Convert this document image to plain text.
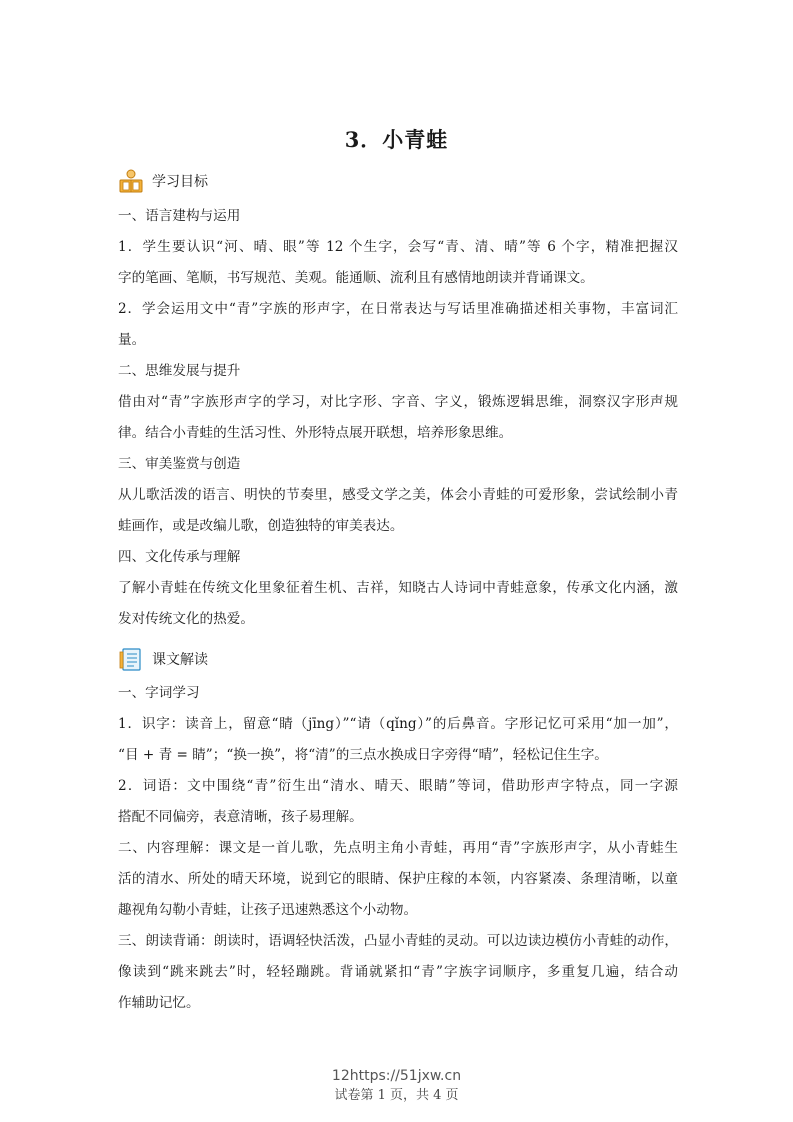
3．小青蛙
学习目标
一、语言建构与运用
1．学生要认识“河、晴、眼”等 12 个生字，会写“青、清、晴”等 6 个字，精准把握汉
字的笔画、笔顺，书写规范、美观。能通顺、流利且有感情地朗读并背诵课文。
2．学会运用文中“青”字族的形声字，在日常表达与写话里准确描述相关事物，丰富词汇
量。
二、思维发展与提升
借由对“青”字族形声字的学习，对比字形、字音、字义，锻炼逻辑思维，洞察汉字形声规
律。结合小青蛙的生活习性、外形特点展开联想，培养形象思维。
三、审美鉴赏与创造
从儿歌活泼的语言、明快的节奏里，感受文学之美，体会小青蛙的可爱形象，尝试绘制小青
蛙画作，或是改编儿歌，创造独特的审美表达。
四、文化传承与理解
了解小青蛙在传统文化里象征着生机、吉祥，知晓古人诗词中青蛙意象，传承文化内涵，激
发对传统文化的热爱。
课文解读
一、字词学习
1．识字：读音上，留意“睛（jīng）”“请（qǐng）”的后鼻音。字形记忆可采用“加一加”，
“目 + 青 = 睛”；“换一换”，将“清”的三点水换成日字旁得“晴”，轻松记住生字。
2．词语：文中围绕“青”衍生出“清水、晴天、眼睛”等词，借助形声字特点，同一字源
搭配不同偏旁，表意清晰，孩子易理解。
二、内容理解：课文是一首儿歌，先点明主角小青蛙，再用“青”字族形声字，从小青蛙生
活的清水、所处的晴天环境，说到它的眼睛、保护庄稼的本领，内容紧凑、条理清晰，以童
趣视角勾勒小青蛙，让孩子迅速熟悉这个小动物。
三、朗读背诵：朗读时，语调轻快活泼，凸显小青蛙的灵动。可以边读边模仿小青蛙的动作，
像读到“跳来跳去”时，轻轻蹦跳。背诵就紧扣“青”字族字词顺序，多重复几遍，结合动
作辅助记忆。
12https://51jxw.cn
试卷第 1 页，共 4 页
